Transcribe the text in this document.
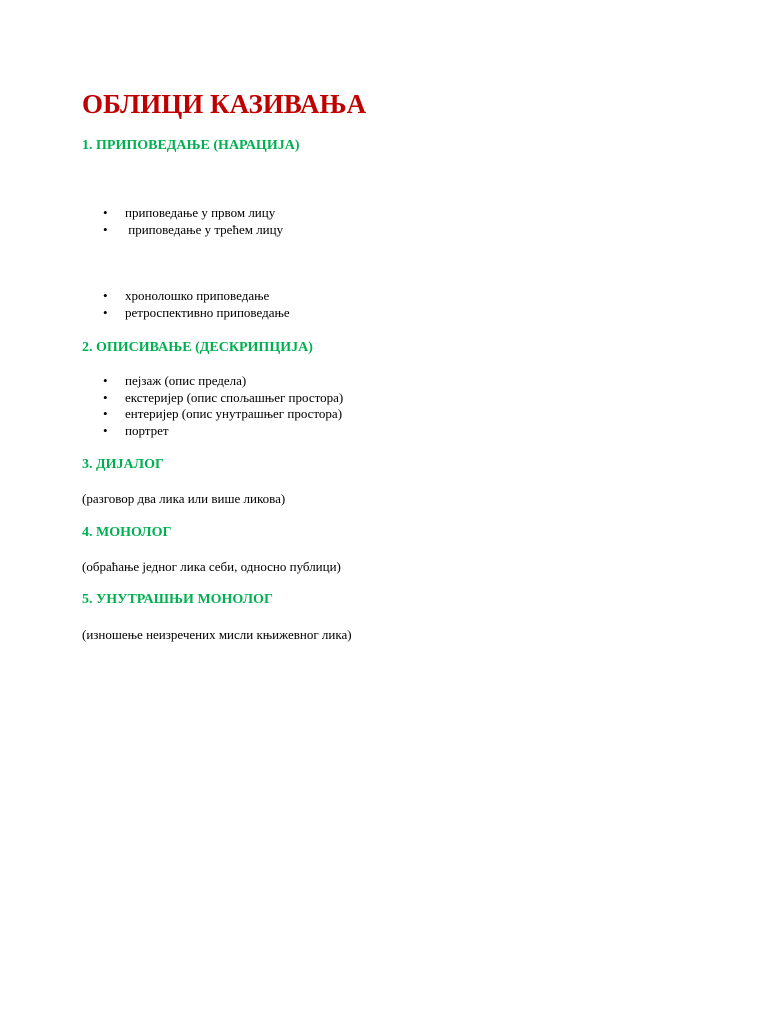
ОБЛИЦИ КАЗИВАЊА
1. ПРИПОВЕДАЊЕ (НАРАЦИЈА)
• приповедање у првом лицу
• приповедање у трећем лицу
• хронолошко приповедање
• ретроспективно приповедање
2. ОПИСИВАЊЕ (ДЕСКРИПЦИЈА)
• пејзаж (опис предела)
• екстеријер (опис спољашњег простора)
• ентеријер (опис унутрашњег простора)
• портрет
3. ДИЈАЛОГ

(разговор два лика или више ликова)

4. МОНОЛОГ

(обраћање једног лика себи, односно публици)

5. УНУТРАШЊИ МОНОЛОГ

(изношење неизречених мисли књижевног лика)
